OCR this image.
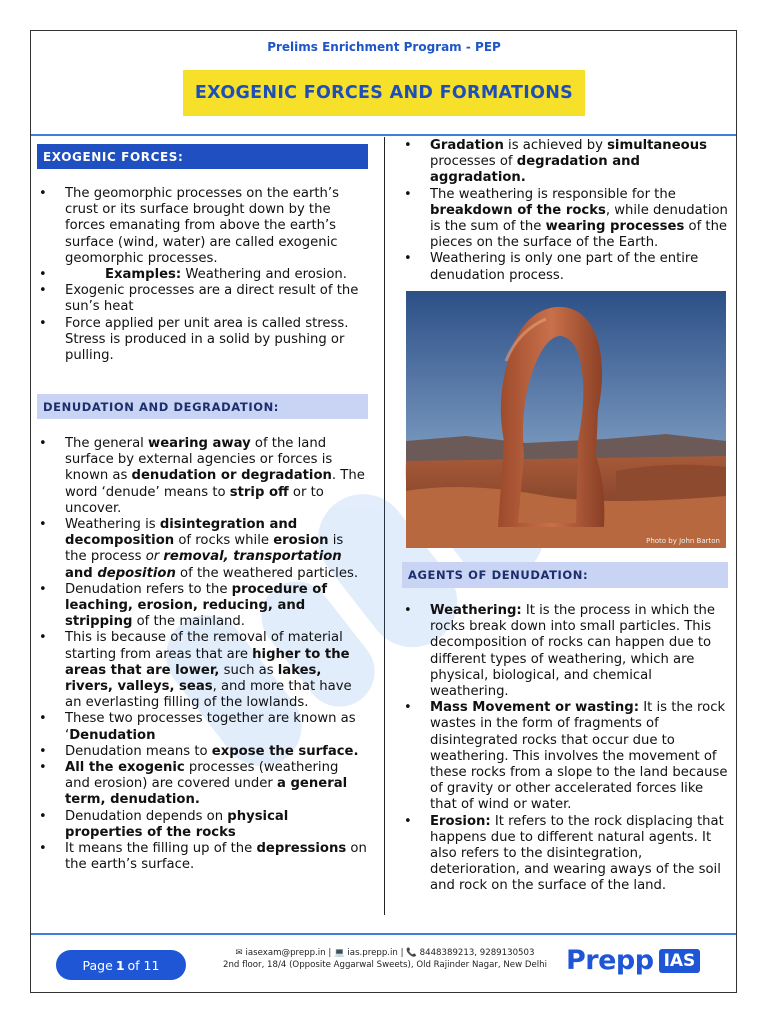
Prelims Enrichment Program - PEP
EXOGENIC FORCES AND FORMATIONS
EXOGENIC FORCES:
• The geomorphic processes on the earth’s crust or its surface brought down by the forces emanating from above the earth’s surface (wind, water) are called exogenic geomorphic processes.
• Examples: Weathering and erosion.
• Exogenic processes are a direct result of the sun’s heat
• Force applied per unit area is called stress. Stress is produced in a solid by pushing or pulling.
DENUDATION AND DEGRADATION:
• The general wearing away of the land surface by external agencies or forces is known as denudation or degradation. The word ‘denude’ means to strip off or to uncover.
• Weathering is disintegration and decomposition of rocks while erosion is the process or removal, transportation and deposition of the weathered particles.
• Denudation refers to the procedure of leaching, erosion, reducing, and stripping of the mainland.
• This is because of the removal of material starting from areas that are higher to the areas that are lower, such as lakes, rivers, valleys, seas, and more that have an everlasting filling of the lowlands.
• These two processes together are known as ‘Denudation
• Denudation means to expose the surface.
• All the exogenic processes (weathering and erosion) are covered under a general term, denudation.
• Denudation depends on physical properties of the rocks
• It means the filling up of the depressions on the earth’s surface.
• Gradation is achieved by simultaneous processes of degradation and aggradation.
• The weathering is responsible for the breakdown of the rocks, while denudation is the sum of the wearing processes of the pieces on the surface of the Earth.
• Weathering is only one part of the entire denudation process.
Photo by John Barton
AGENTS OF DENUDATION:
• Weathering: It is the process in which the rocks break down into small particles. This decomposition of rocks can happen due to different types of weathering, which are physical, biological, and chemical weathering.
• Mass Movement or wasting: It is the rock wastes in the form of fragments of disintegrated rocks that occur due to weathering. This involves the movement of these rocks from a slope to the land because of gravity or other accelerated forces like that of wind or water.
• Erosion: It refers to the rock displacing that happens due to different natural agents. It also refers to the disintegration, deterioration, and wearing aways of the soil and rock on the surface of the land.
Page 1 of 11
✉ iasexam@prepp.in | 💻 ias.prepp.in | 📞 8448389213, 9289130503
2nd floor, 18/4 (Opposite Aggarwal Sweets), Old Rajinder Nagar, New Delhi Prepp IAS
